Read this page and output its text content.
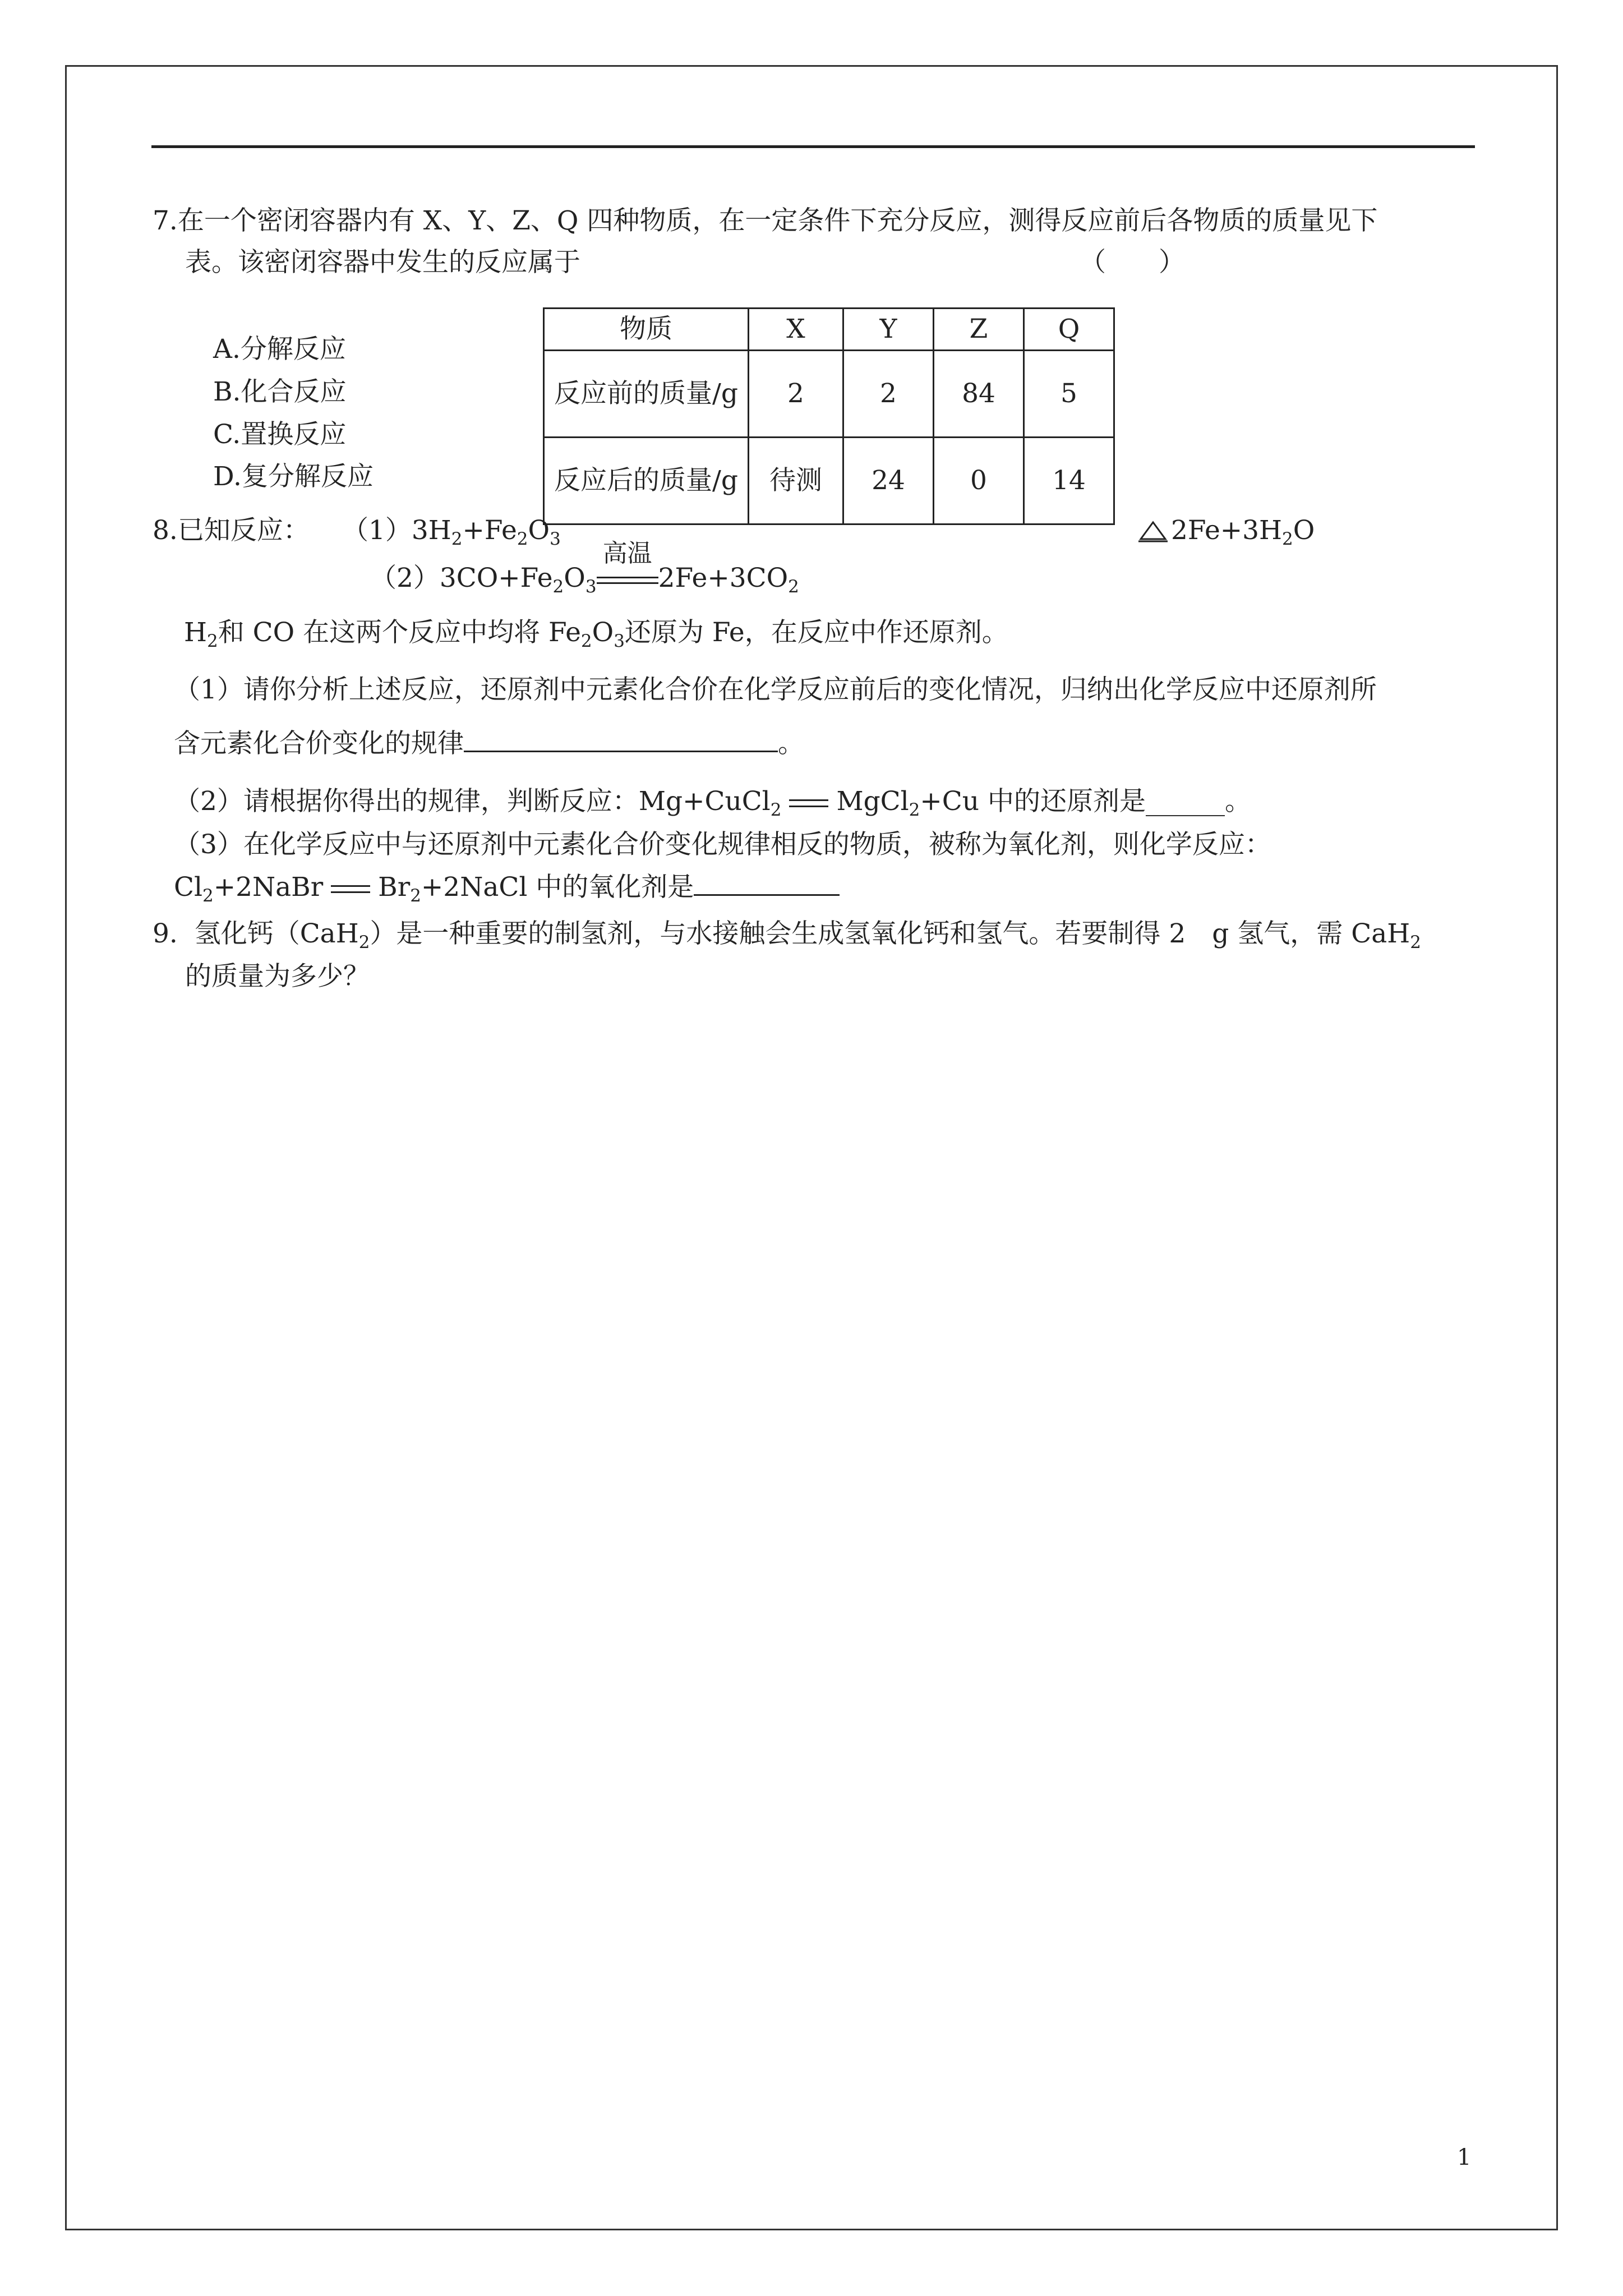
7.在一个密闭容器内有 X、Y、Z、Q 四种物质，在一定条件下充分反应，测得反应前后各物质的质量见下
表。该密闭容器中发生的反应属于	（　　）
A.分解反应
B.化合反应
C.置换反应
D.复分解反应
物质	X	Y	Z	Q
反应前的质量/g	2	2	84	5
反应后的质量/g	待测	24	0	14
8.已知反应： $(1)3H_2+Fe_2O_3$	$2Fe+3H_2O$
$(2)3CO+Fe_2O_3$
高温
$2Fe+3CO_2$
$H_2$和 CO 在这两个反应中均将 $Fe_2O_3$还原为 Fe，在反应中作还原剂。
（1）请你分析上述反应，还原剂中元素化合价在化学反应前后的变化情况，归纳出化学反应中还原剂所
含元素化合价变化的规律	。
（2）请根据你得出的规律，判断反应：Mg+CuCl$_2$ MgCl$_2$+Cu 中的还原剂是______。
（3）在化学反应中与还原剂中元素化合价变化规律相反的物质，被称为氧化剂，则化学反应：
$Cl_2+2NaBr$ $Br_2+2NaCl$ 中的氧化剂是
9.  氢化钙（CaH$_2$）是一种重要的制氢剂，与水接触会生成氢氧化钙和氢气。若要制得 2　g 氢气，需 CaH$_2$
的质量为多少？
1
